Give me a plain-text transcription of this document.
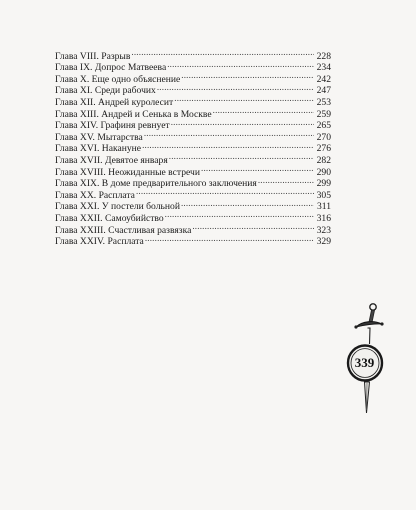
Глава VIII. Разрыв .....	228
Глава IX. Допрос Матвеева .....	234
Глава X. Еще одно объяснение .....	242
Глава XI. Среди рабочих .....	247
Глава XII. Андрей куролесит .....	253
Глава XIII. Андрей и Сенька в Москве .....	259
Глава XIV. Графиня ревнует .....	265
Глава XV. Мытарства .....	270
Глава XVI. Накануне .....	276
Глава XVII. Девятое января .....	282
Глава XVIII. Неожиданные встречи .....	290
Глава XIX. В доме предварительного заключения .....	299
Глава XX. Расплата .....	305
Глава XXI. У постели больной .....	311
Глава XXII. Самоубийство .....	316
Глава XXIII. Счастливая развязка .....	323
Глава XXIV. Расплата .....	329
339
